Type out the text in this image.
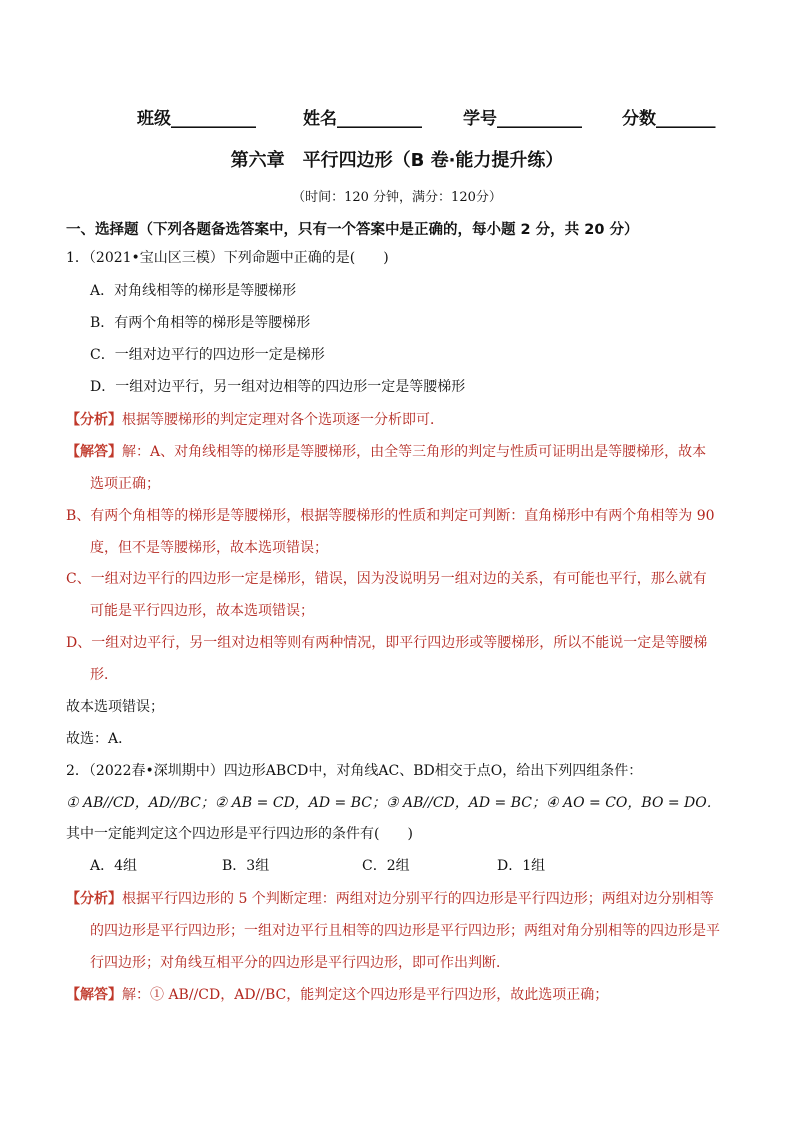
班级__________	姓名__________ 学号__________ 分数_______
第六章　平行四边形（B 卷·能力提升练）
（时间：120 分钟，满分：120分）
一、选择题（下列各题备选答案中，只有一个答案中是正确的，每小题 2 分，共 20 分）
1．（2021•宝山区三模）下列命题中正确的是(　　)
A．对角线相等的梯形是等腰梯形
B．有两个角相等的梯形是等腰梯形
C．一组对边平行的四边形一定是梯形
D．一组对边平行，另一组对边相等的四边形一定是等腰梯形
【分析】根据等腰梯形的判定定理对各个选项逐一分析即可．
【解答】解：A、对角线相等的梯形是等腰梯形，由全等三角形的判定与性质可证明出是等腰梯形，故本
选项正确；
B、有两个角相等的梯形是等腰梯形，根据等腰梯形的性质和判定可判断：直角梯形中有两个角相等为 90
度，但不是等腰梯形，故本选项错误；
C、一组对边平行的四边形一定是梯形，错误，因为没说明另一组对边的关系，有可能也平行，那么就有
可能是平行四边形，故本选项错误；
D、一组对边平行，另一组对边相等则有两种情况，即平行四边形或等腰梯形，所以不能说一定是等腰梯
形．
故本选项错误；
故选：A．
2．（2022春•深圳期中）四边形ABCD中，对角线AC、BD相交于点O，给出下列四组条件：
① AB//CD，AD//BC；② AB = CD，AD = BC；③ AB//CD，AD = BC；④ AO = CO，BO = DO．
其中一定能判定这个四边形是平行四边形的条件有(　　)
A．4组	B．3组	C．2组	D．1组
【分析】根据平行四边形的 5 个判断定理：两组对边分别平行的四边形是平行四边形；两组对边分别相等
的四边形是平行四边形；一组对边平行且相等的四边形是平行四边形；两组对角分别相等的四边形是平
行四边形；对角线互相平分的四边形是平行四边形，即可作出判断．
【解答】解：① AB//CD，AD//BC，能判定这个四边形是平行四边形，故此选项正确；
